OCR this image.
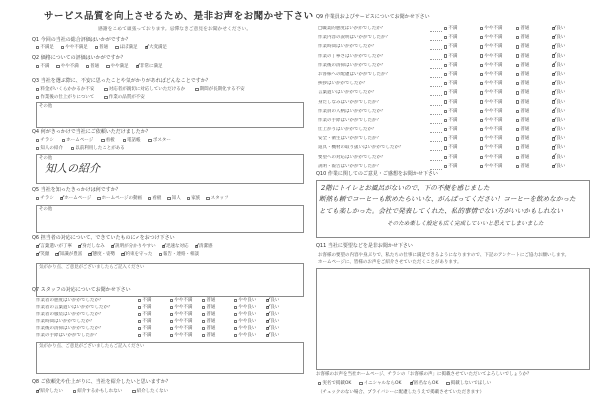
サービス品質を向上させるため、是非お声をお聞かせ下さい
感謝をこめて頑張っております。忌憚なきご意見をお聞かせください。
Q1 今回の当社の総合評価はいかがですか？
不満足	やや不満足	普通	ほぼ満足 ✓	大変満足
Q2 価格についての評価はいかがですか？
不満	やや不満	普通	やや満足 ✓	非常に満足
Q3 当社を選ぶ際に、不安に思ったことや気がかりがあればどんなことですか？
料金がいくらかかるか不安	対応者が親切に対応していただけるか	期間が長期化する不安
作業後の仕上がりについて	作業の品質が不安
その他
Q4 何がきっかけで当社にご依頼いただけましたか？
チラシ	ホームページ	看板	電話帳	ポスター
知人の紹介	以前利用したことがある
その他
知人の紹介
Q5 当社を知ったきっかけは何ですか？
チラシ ✓ ホームページ ホームページの動画 看板 知人 家族 スタッフ
その他
Q6 担当者の対応について、できていたものに✓をおつけ下さい
✓
言葉遣いが丁寧 ✓ 身だしなみ ✓ 説明が分かりやすい ✓ 迅速な対応 ✓ 清潔感
✓
笑顔 ✓ 知識が豊富 ✓ 態度・姿勢 ✓ 約束を守った 報告・連絡・相談
気がかり点、ご意見がございましたらご記入ください
Q7 スタッフの対応についてお聞かせ下さい
作業者の態度はいかがでしたか？	不満	やや不満	普通	やや良い ✓	良い
作業者の言葉遣いはいかがでしたか？	不満	やや不満	普通	やや良い ✓	良い
作業者の服装はいかがでしたか？	不満	やや不満	普通	やや良い ✓	良い
作業時間はいかがでしたか？	不満	やや不満	普通	やや良い ✓	良い
作業後の清掃はいかがでしたか？	不満	やや不満	普通	やや良い ✓	良い
作業の手際はいかがでしたか？	不満	やや不満	普通	やや良い ✓	良い
気がかり点、ご意見がございましたらご記入ください
Q8 ご依頼先や仕上がりに、当社を紹介したいと思いますか？
✓
紹介したい	紹介するかもしれない	紹介したくない
Q9 作業員およびサービスについてお聞かせ下さい
□職業的態度はいかがでしたか？	不満	やや不満	普通 ✓	良い
作業内容の説明はいかがでしたか？	不満	やや不満	普通 ✓	良い
作業時間はいかがでしたか？	不満	やや不満	普通 ✓	良い
作業の丁寧さはいかがでしたか？	不満	やや不満	普通 ✓	良い
作業後の清掃はいかがでしたか？	不満	やや不満	普通 ✓	良い
お客様への配慮はいかがでしたか？	不満	やや不満	普通 ✓	良い
挨拶はいかがでしたか？	不満	やや不満	普通 ✓	良い
言葉遣いはいかがでしたか？	不満	やや不満	普通 ✓	良い
身だしなみはいかがでしたか？	不満	やや不満	普通 ✓	良い
作業員の人柄はいかがでしたか？	不満	やや不満	普通 ✓	良い
作業の手際はいかがでしたか？	不満	やや不満	普通 ✓	良い
仕上がりはいかがでしたか？	不満	やや不満	普通 ✓	良い
安全・衛生はいかがでしたか？	不満	やや不満	普通 ✓	良い
道具・機材の取り扱いはいかがでしたか？	不満	やや不満	普通 ✓	良い
要望への対応はいかがでしたか？	不満	やや不満	普通 ✓	良い
説明・報告はいかがでしたか？	不満	やや不満	普通 ✓	良い
2階にトイレとお風呂がないので、下の不便を感じました
断熱も頼でコーヒーも飲めたらいいな、がんばってください！コーヒーを飲めなかった
とても楽しかった。会社で発表してくれた、私的事情でない方がいいかもしれない
そのため楽しく設定も広く完成していいと思えてしまいました
Q10 作業に関してのご意見・ご感想をお聞かせ下さい
Q11 当社に要望などを是非お聞かせ下さい
お客様の要望の内容や身ぶりで、私たちの仕事に満足できるようになりますので、下記のアンケートにご協力お願いします。
ホームページに、皆様のお声をご紹介させていただくことがあります。
お客様のお声を当社ホームページ、チラシの「お客様の声」に掲載させていただいてよろしいでしょうか？
実名で掲載OK	イニシャルならOK ✓	匿名ならOK	掲載しないでほしい
（チェックのない場合、プライバシーに配慮したうえで掲載させていただきます）
